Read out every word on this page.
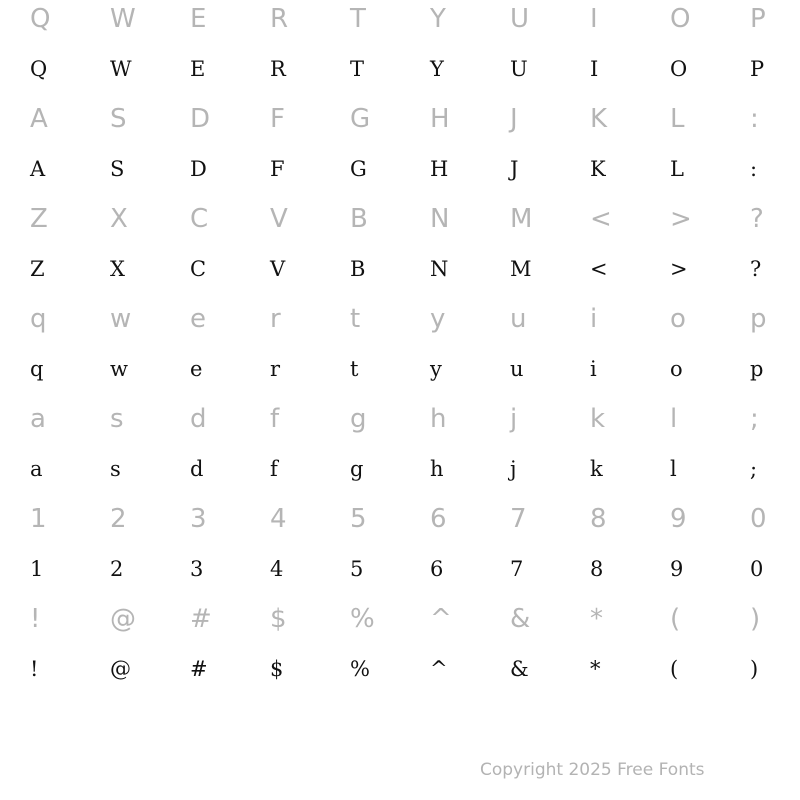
Q W E R T Y U I	O P
Q	W	E	R	T	Y	U	I	O	P
A S D F	G H J	K L	:
A	S	D	F	G	H	J	K	L	:
Z X C V B N M < > ?
Z	X	C	V	B	N	M	<	>	?
q w e r	t	y u i	o p
q	w	e	r	t	y	u	i	o	p
a s	d f	g h j	k l	;
a	s	d	f	g	h	j	k	l	;
1 2 3 4 5 6 7 8 9 0
1	2	3	4	5	6	7	8	9	0
!	@ # $ % ^ & *	(	)
!	@	#	$	%	^	&	*	(	)
Copyright 2025 Free Fonts
